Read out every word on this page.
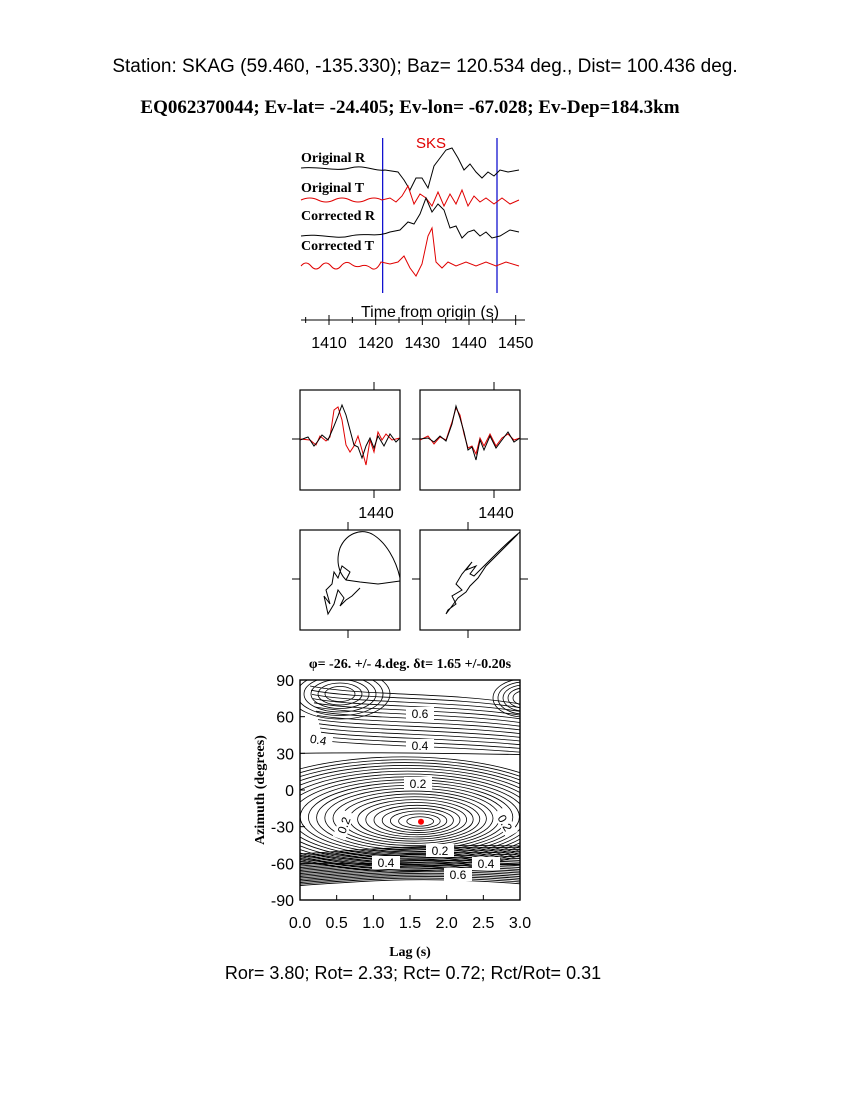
Station: SKAG (59.460, -135.330); Baz= 120.534 deg., Dist= 100.436 deg.
EQ062370044; Ev-lat= -24.405; Ev-lon= -67.028; Ev-Dep=184.3km
SKS
Original R
Original T
Corrected R
Corrected T
Time from origin (s)
1410 1420 1430 1440 1450
1440	1440
φ= -26. +/- 4.deg. δt= 1.65 +/-0.20s
0.6
0.4	0.4
0.2
0.2
0.2
0.2
0.4	0.4
0.6
0.0 0.5 1.0 1.5 2.0 2.5 3.0
90
60
30
0
-30
-60
-90
Lag (s)
Azimuth (degrees)
Ror= 3.80; Rot= 2.33; Rct= 0.72; Rct/Rot= 0.31
